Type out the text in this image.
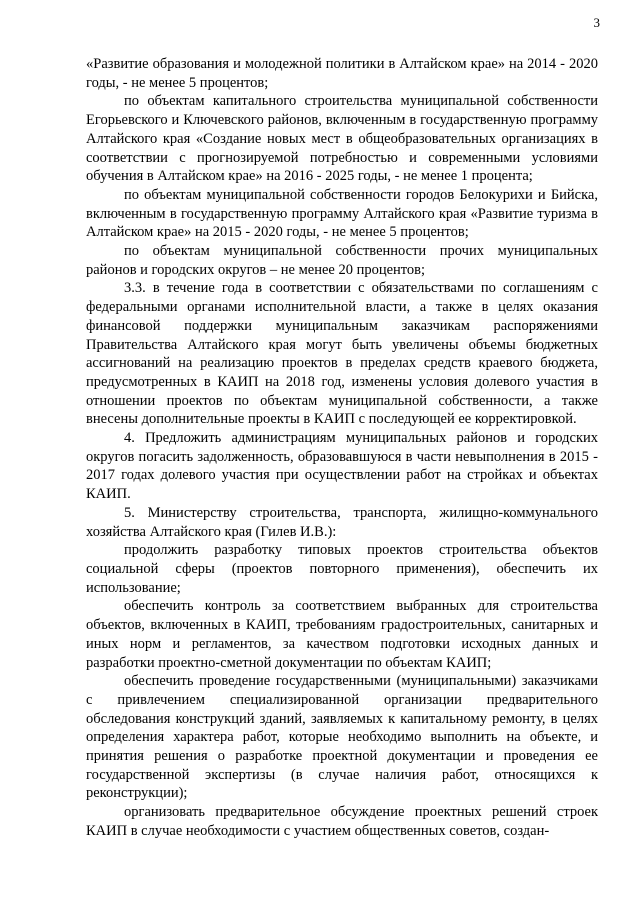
3

«Развитие образования и молодежной политики в Алтайском крае» на 2014 - 2020 годы, - не менее 5 процентов;

по объектам капитального строительства муниципальной собственности Егорьевского и Ключевского районов, включенным в государственную программу Алтайского края «Создание новых мест в общеобразовательных организациях в соответствии с прогнозируемой потребностью и современными условиями обучения в Алтайском крае» на 2016 - 2025 годы, - не менее 1 процента;

по объектам муниципальной собственности городов Белокурихи и Бийска, включенным в государственную программу Алтайского края «Развитие туризма в Алтайском крае» на 2015 - 2020 годы, - не менее 5 процентов;

по объектам муниципальной собственности прочих муниципальных районов и городских округов – не менее 20 процентов;

3.3. в течение года в соответствии с обязательствами по соглашениям с федеральными органами исполнительной власти, а также в целях оказания финансовой поддержки муниципальным заказчикам распоряжениями Правительства Алтайского края могут быть увеличены объемы бюджетных ассигнований на реализацию проектов в пределах средств краевого бюджета, предусмотренных в КАИП на 2018 год, изменены условия долевого участия в отношении проектов по объектам муниципальной собственности, а также внесены дополнительные проекты в КАИП с последующей ее корректировкой.

4. Предложить администрациям муниципальных районов и городских округов погасить задолженность, образовавшуюся в части невыполнения в 2015 - 2017 годах долевого участия при осуществлении работ на стройках и объектах КАИП.

5. Министерству строительства, транспорта, жилищно-коммунального хозяйства Алтайского края (Гилев И.В.):

продолжить разработку типовых проектов строительства объектов социальной сферы (проектов повторного применения), обеспечить их использование;

обеспечить контроль за соответствием выбранных для строительства объектов, включенных в КАИП, требованиям градостроительных, санитарных и иных норм и регламентов, за качеством подготовки исходных данных и разработки проектно-сметной документации по объектам КАИП;

обеспечить проведение государственными (муниципальными) заказчиками с привлечением специализированной организации предварительного обследования конструкций зданий, заявляемых к капитальному ремонту, в целях определения характера работ, которые необходимо выполнить на объекте, и принятия решения о разработке проектной документации и проведения ее государственной экспертизы (в случае наличия работ, относящихся к реконструкции);

организовать предварительное обсуждение проектных решений строек КАИП в случае необходимости с участием общественных советов, создан-
